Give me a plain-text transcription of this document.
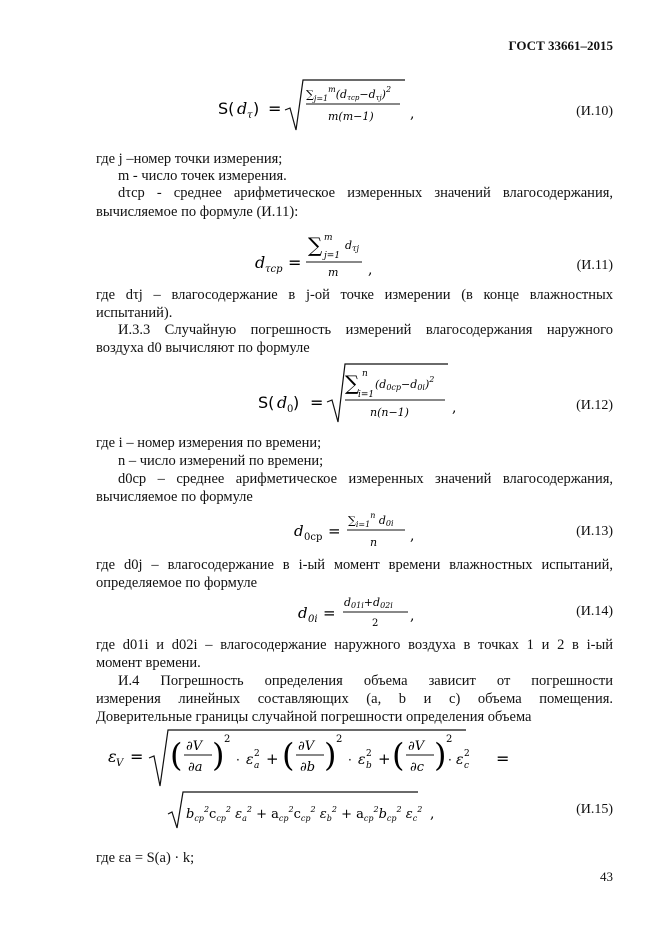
ГОСТ 33661–2015
S( d τ ) =
$\sum_{j=1}^m(d\tau ср-d\tau j)^2$
m(m−1)	,	(И.10)
где j –номер точки измерения;
m - число точек измерения.
dτср - среднее арифметическое измеренных значений влагосодержания,
вычисляемое по формуле (И.11):
d τср =
∑ m
j=1
dτj
m ,	(И.11)
где dτj – влагосодержание в j-ой точке измерении (в конце влажностных
испытаний).
И.3.3 Случайную погрешность измерений влагосодержания наружного
воздуха d0 вычисляют по формуле
S( d 0 ) =
∑ n
i=1
$(d0ср-d0i)^2$
n(n−1)	,	(И.12)
где i – номер измерения по времени;
n – число измерений по времени;
d0ср – среднее арифметическое измеренных значений влагосодержания,
вычисляемое по формуле
d 0ср =
$\sum_{i=1}^n$ d0i
n ,	(И.13)
где d0j – влагосодержание в i-ый момент времени влажностных испытаний,
определяемое по формуле
d 0i =
d01i+d02i
2 ,	(И.14)
где d01i и d02i – влагосодержание наружного воздуха в точках 1 и 2 в i-ый
момент времени.
И.4 Погрешность определения объема зависит от погрешности
измерения линейных составляющих (a, b и c) объема помещения.
Доверительные границы случайной погрешности определения объема
ε V = ( ∂V
∂a ) 2
· ε a
2 + ( ∂V
∂b ) 2
· ε b
2 + ( ∂V
∂c ) 2
· ε c
2 =
$b_{ср}^2c_{ср}^2$ $\varepsilon_а^2 + a_{ср}^2c_{ср}^2$ $\varepsilon_b^2 + a_{ср}^2b_{ср}^2$ $\varepsilon_c^2$ ,	(И.15)
где εa = S(a) · k;
43
